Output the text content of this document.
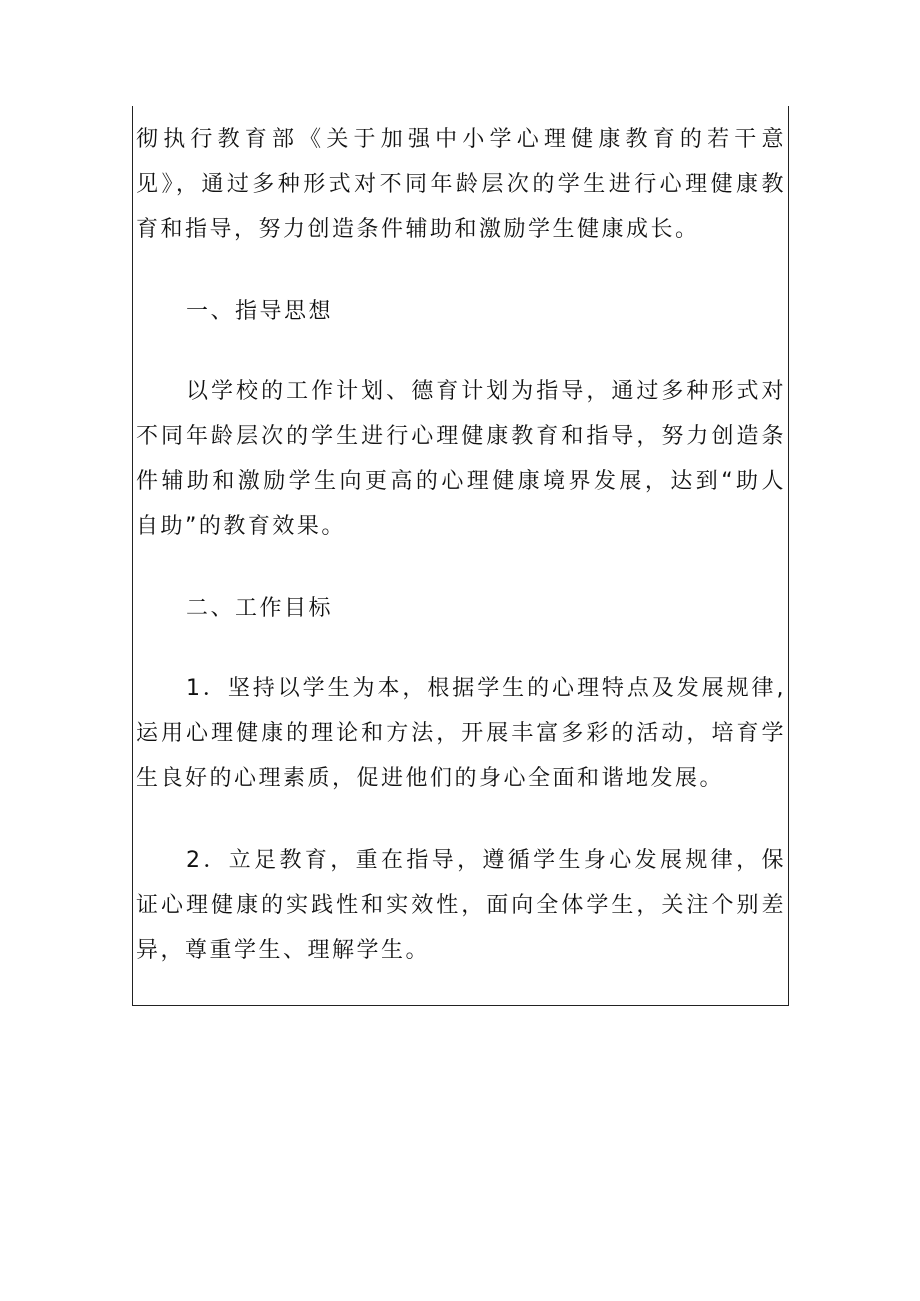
彻执行教育部《关于加强中小学心理健康教育的若干意见》，通过多种形式对不同年龄层次的学生进行心理健康教育和指导，努力创造条件辅助和激励学生健康成长。

一、指导思想

以学校的工作计划、德育计划为指导，通过多种形式对不同年龄层次的学生进行心理健康教育和指导，努力创造条件辅助和激励学生向更高的心理健康境界发展，达到“助人自助”的教育效果。

二、工作目标

1．坚持以学生为本，根据学生的心理特点及发展规律,运用心理健康的理论和方法，开展丰富多彩的活动，培育学生良好的心理素质，促进他们的身心全面和谐地发展。

2．立足教育，重在指导，遵循学生身心发展规律，保证心理健康的实践性和实效性，面向全体学生，关注个别差异，尊重学生、理解学生。
